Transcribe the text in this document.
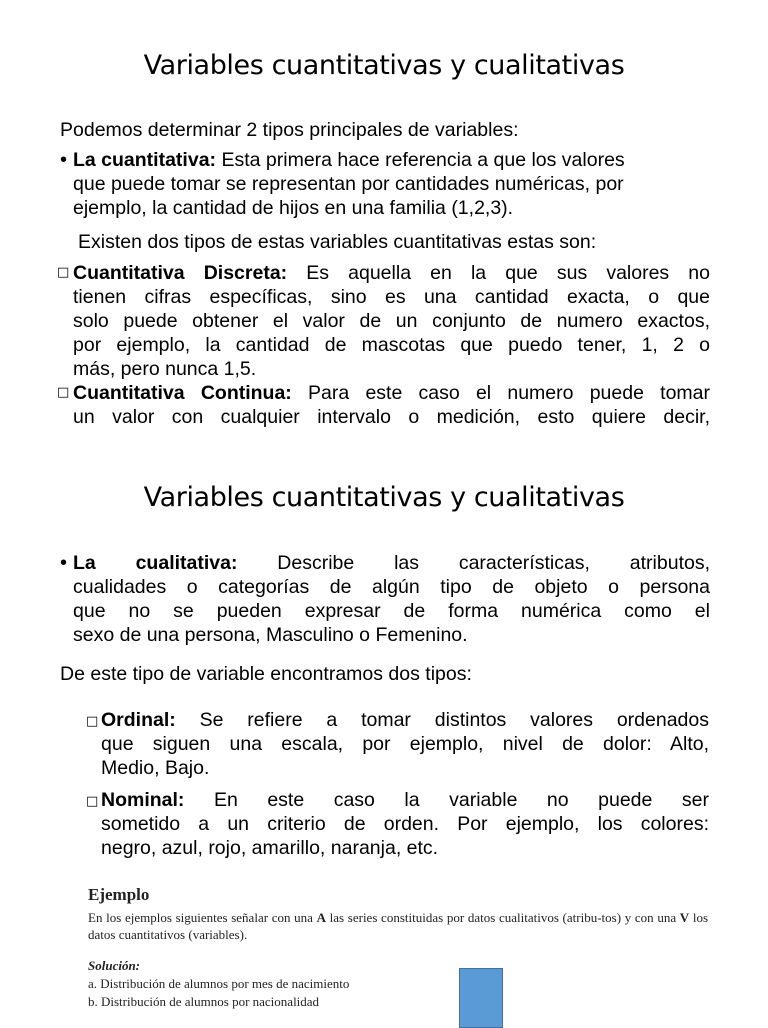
Variables cuantitativas y cualitativas
Podemos determinar 2 tipos principales de variables:
• La cuantitativa: Esta primera hace referencia a que los valores
que puede tomar se representan por cantidades numéricas, por
ejemplo, la cantidad de hijos en una familia (1,2,3).
Existen dos tipos de estas variables cuantitativas estas son:
□ Cuantitativa Discreta: Es aquella en la que sus valores no
tienen cifras específicas, sino es una cantidad exacta, o que
solo puede obtener el valor de un conjunto de numero exactos,
por ejemplo, la cantidad de mascotas que puedo tener, 1, 2 o
más, pero nunca 1,5.
□ Cuantitativa Continua: Para este caso el numero puede tomar
un valor con cualquier intervalo o medición, esto quiere decir,
Variables cuantitativas y cualitativas
• La cualitativa: Describe las características, atributos,
cualidades o categorías de algún tipo de objeto o persona
que no se pueden expresar de forma numérica como el
sexo de una persona, Masculino o Femenino.
De este tipo de variable encontramos dos tipos:
□ Ordinal: Se refiere a tomar distintos valores ordenados
que siguen una escala, por ejemplo, nivel de dolor: Alto,
Medio, Bajo.
□ Nominal: En este caso la variable no puede ser
sometido a un criterio de orden. Por ejemplo, los colores:
negro, azul, rojo, amarillo, naranja, etc.
Ejemplo
En los ejemplos siguientes señalar con una A las series constituidas por datos cualitativos (atribu-tos) y con una V los datos cuantitativos (variables).
Solución:
a. Distribución de alumnos por mes de nacimiento
b. Distribución de alumnos por nacionalidad
